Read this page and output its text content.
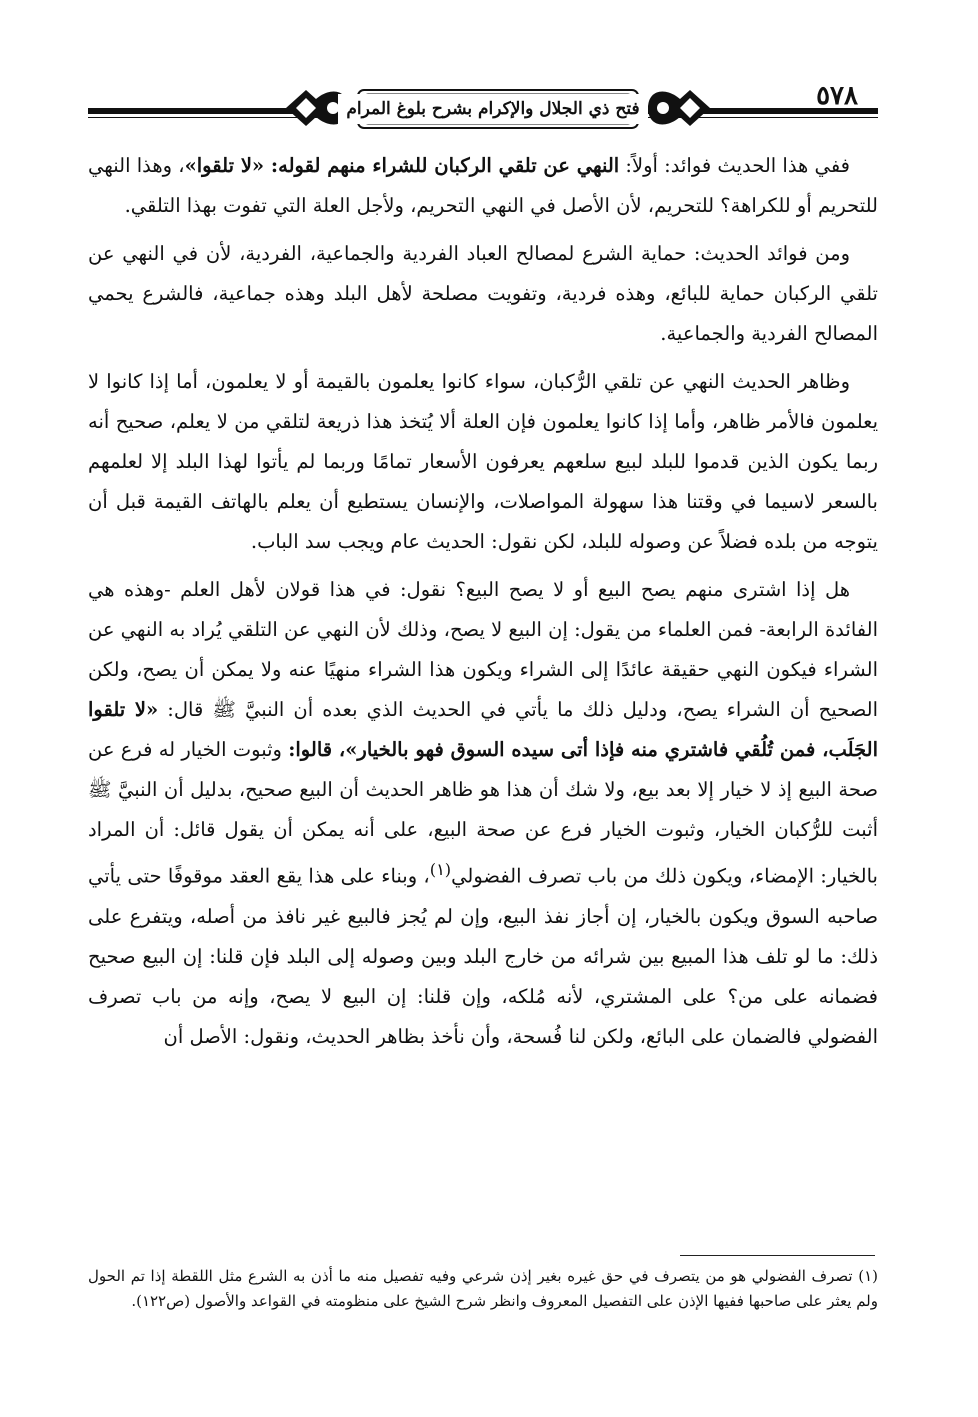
فتح ذي الجلال والإكرام بشرح بلوغ المرام	٥٧٨

ففي هذا الحديث فوائد: أولاً: النهي عن تلقي الركبان للشراء منهم لقوله: «لا تلقوا»، وهذا النهي للتحريم أو للكراهة؟ للتحريم، لأن الأصل في النهي التحريم، ولأجل العلة التي تفوت بهذا التلقي.

ومن فوائد الحديث: حماية الشرع لمصالح العباد الفردية والجماعية، الفردية، لأن في النهي عن تلقي الركبان حماية للبائع، وهذه فردية، وتفويت مصلحة لأهل البلد وهذه جماعية، فالشرع يحمي المصالح الفردية والجماعية.

وظاهر الحديث النهي عن تلقي الرُّكبان، سواء كانوا يعلمون بالقيمة أو لا يعلمون، أما إذا كانوا لا يعلمون فالأمر ظاهر، وأما إذا كانوا يعلمون فإن العلة ألا يُتخذ هذا ذريعة لتلقي من لا يعلم، صحيح أنه ربما يكون الذين قدموا للبلد لبيع سلعهم يعرفون الأسعار تمامًا وربما لم يأتوا لهذا البلد إلا لعلمهم بالسعر لاسيما في وقتنا هذا سهولة المواصلات، والإنسان يستطيع أن يعلم بالهاتف القيمة قبل أن يتوجه من بلده فضلاً عن وصوله للبلد، لكن نقول: الحديث عام ويجب سد الباب.

هل إذا اشترى منهم يصح البيع أو لا يصح البيع؟ نقول: في هذا قولان لأهل العلم -وهذه هي الفائدة الرابعة- فمن العلماء من يقول: إن البيع لا يصح، وذلك لأن النهي عن التلقي يُراد به النهي عن الشراء فيكون النهي حقيقة عائدًا إلى الشراء ويكون هذا الشراء منهيًا عنه ولا يمكن أن يصح، ولكن الصحيح أن الشراء يصح، ودليل ذلك ما يأتي في الحديث الذي بعده أن النبيَّ ﷺ قال: «لا تلقوا الجَلَب، فمن تُلُقي فاشتري منه فإذا أتى سيده السوق فهو بالخيار»، قالوا: وثبوت الخيار له فرع عن صحة البيع إذ لا خيار إلا بعد بيع، ولا شك أن هذا هو ظاهر الحديث أن البيع صحيح، بدليل أن النبيَّ ﷺ أثبت للرُّكبان الخيار، وثبوت الخيار فرع عن صحة البيع، على أنه يمكن أن يقول قائل: أن المراد بالخيار: الإمضاء، ويكون ذلك من باب تصرف الفضولي$^{(١)}$، وبناء على هذا يقع العقد موقوفًا حتى يأتي صاحبه السوق ويكون بالخيار، إن أجاز نفذ البيع، وإن لم يُجز فالبيع غير نافذ من أصله، ويتفرع على ذلك: ما لو تلف هذا المبيع بين شرائه من خارج البلد وبين وصوله إلى البلد فإن قلنا: إن البيع صحيح فضمانه على من؟ على المشتري، لأنه مُلكه، وإن قلنا: إن البيع لا يصح، وإنه من باب تصرف الفضولي فالضمان على البائع، ولكن لنا فُسحة، وأن نأخذ بظاهر الحديث، ونقول: الأصل أن

(١) تصرف الفضولي هو من يتصرف في حق غيره بغير إذن شرعي وفيه تفصيل منه ما أذن به الشرع مثل اللقطة إذا تم الحول ولم يعثر على صاحبها ففيها الإذن على التفصيل المعروف وانظر شرح الشيخ على منظومته في القواعد والأصول (ص١٢٢).
